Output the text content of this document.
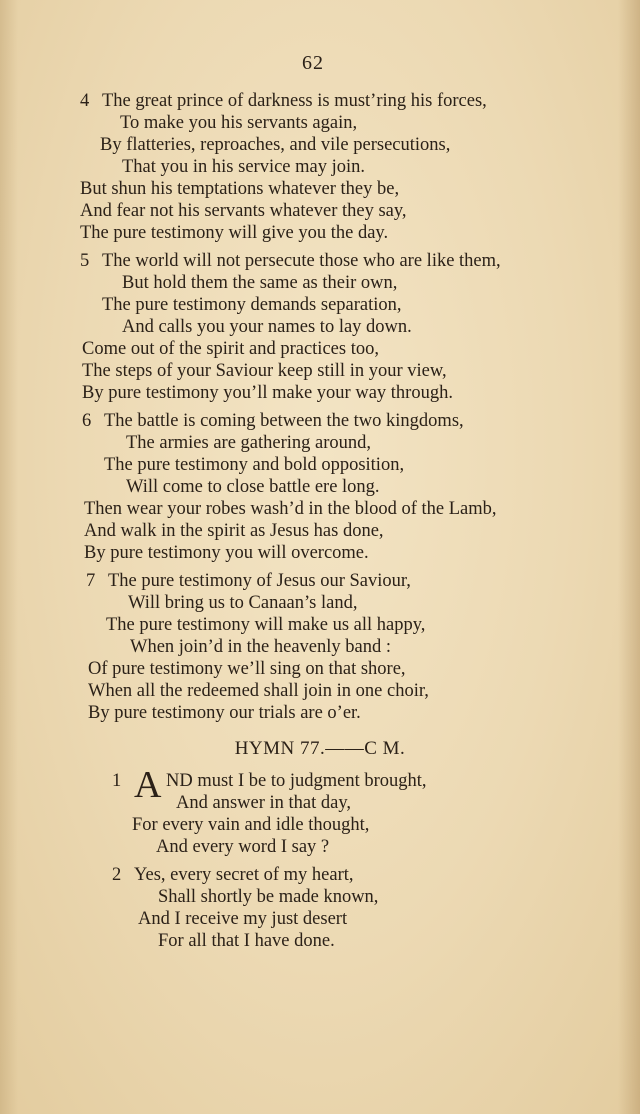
62
4 The great prince of darkness is must’ring his forces,
To make you his servants again,
By flatteries, reproaches, and vile persecutions,
That you in his service may join.
But shun his temptations whatever they be,
And fear not his servants whatever they say,
The pure testimony will give you the day.
5 The world will not persecute those who are like them,
But hold them the same as their own,
The pure testimony demands separation,
And calls you your names to lay down.
Come out of the spirit and practices too,
The steps of your Saviour keep still in your view,
By pure testimony you’ll make your way through.
6 The battle is coming between the two kingdoms,
The armies are gathering around,
The pure testimony and bold opposition,
Will come to close battle ere long.
Then wear your robes wash’d in the blood of the Lamb,
And walk in the spirit as Jesus has done,
By pure testimony you will overcome.
7 The pure testimony of Jesus our Saviour,
Will bring us to Canaan’s land,
The pure testimony will make us all happy,
When join’d in the heavenly band :
Of pure testimony we’ll sing on that shore,
When all the redeemed shall join in one choir,
By pure testimony our trials are o’er.
HYMN 77.——C M.
1 A ND must I be to judgment brought,
And answer in that day,
For every vain and idle thought,
And every word I say ?
2 Yes, every secret of my heart,
Shall shortly be made known,
And I receive my just desert
For all that I have done.
